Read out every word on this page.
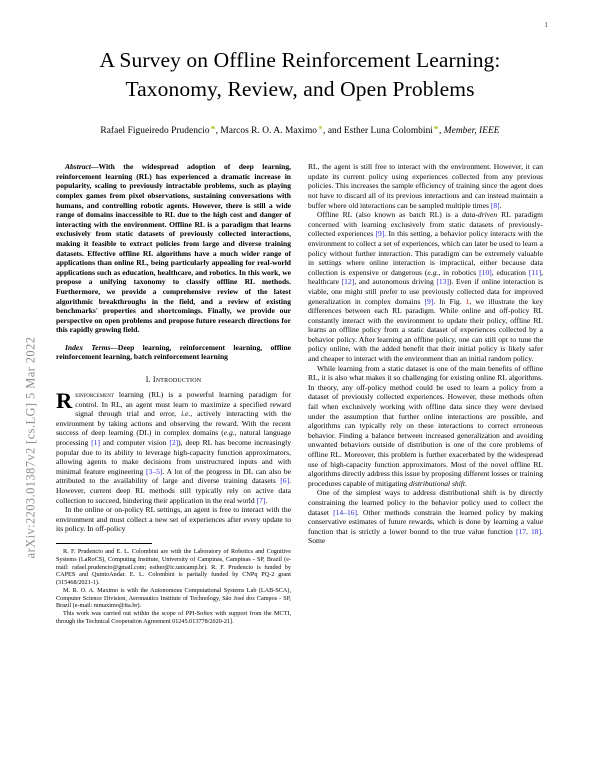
arXiv:2203.01387v2 [cs.LG] 5 Mar 2022
1
A Survey on Offline Reinforcement Learning:
Taxonomy, Review, and Open Problems
Rafael Figueiredo Prudencio , Marcos R. O. A. Maximo , and Esther Luna Colombini , Member, IEEE

Abstract—With the widespread adoption of deep learning, reinforcement learning (RL) has experienced a dramatic increase in popularity, scaling to previously intractable problems, such as playing complex games from pixel observations, sustaining conversations with humans, and controlling robotic agents. However, there is still a wide range of domains inaccessible to RL due to the high cost and danger of interacting with the environment. Offline RL is a paradigm that learns exclusively from static datasets of previously collected interactions, making it feasible to extract policies from large and diverse training datasets. Effective offline RL algorithms have a much wider range of applications than online RL, being particularly appealing for real-world applications such as education, healthcare, and robotics. In this work, we propose a unifying taxonomy to classify offline RL methods. Furthermore, we provide a comprehensive review of the latest algorithmic breakthroughs in the field, and a review of existing benchmarks' properties and shortcomings. Finally, we provide our perspective on open problems and propose future research directions for this rapidly growing field.

Index Terms—Deep learning, reinforcement learning, offline reinforcement learning, batch reinforcement learning

I. Introduction

Reinforcement learning (RL) is a powerful learning paradigm for control. In RL, an agent must learn to maximize a specified reward signal through trial and error, i.e., actively interacting with the environment by taking actions and observing the reward. With the recent success of deep learning (DL) in complex domains (e.g., natural language processing [1] and computer vision [2]), deep RL has become increasingly popular due to its ability to leverage high-capacity function approximators, allowing agents to make decisions from unstructured inputs and with minimal feature engineering [3–5]. A lot of the progress in DL can also be attributed to the availability of large and diverse training datasets [6]. However, current deep RL methods still typically rely on active data collection to succeed, hindering their application in the real world [7].

In the online or on-policy RL settings, an agent is free to interact with the environment and must collect a new set of experiences after every update to its policy. In off-policy

R. F. Prudencio and E. L. Colombini are with the Laboratory of Robotics and Cognitive Systems (LaRoCS), Computing Institute, University of Campinas, Campinas - SP, Brazil (e-mail: rafael.prudencio@gmail.com; esther@ic.unicamp.br). R. F. Prudencio is funded by CAPES and QuintoAndar. E. L. Colombini is partially funded by CNPq PQ-2 grant (315468/2021-1).

M. R. O. A. Maximo is with the Autonomous Computational Systems Lab (LAB-SCA), Computer Science Division, Aeronautics Institute of Technology, São José dos Campos - SP, Brazil (e-mail: mmaximo@ita.br).

This work was carried out within the scope of PPI-Softex with support from the MCTI, through the Technical Cooperation Agreement 01245.013778/2020-21].

RL, the agent is still free to interact with the environment. However, it can update its current policy using experiences collected from any previous policies. This increases the sample efficiency of training since the agent does not have to discard all of its previous interactions and can instead maintain a buffer where old interactions can be sampled multiple times [8].

Offline RL (also known as batch RL) is a data-driven RL paradigm concerned with learning exclusively from static datasets of previously-collected experiences [9]. In this setting, a behavior policy interacts with the environment to collect a set of experiences, which can later be used to learn a policy without further interaction. This paradigm can be extremely valuable in settings where online interaction is impractical, either because data collection is expensive or dangerous (e.g., in robotics [10], education [11], healthcare [12], and autonomous driving [13]). Even if online interaction is viable, one might still prefer to use previously collected data for improved generalization in complex domains [9]. In Fig. 1, we illustrate the key differences between each RL paradigm. While online and off-policy RL constantly interact with the environment to update their policy, offline RL learns an offline policy from a static dataset of experiences collected by a behavior policy. After learning an offline policy, one can still opt to tune the policy online, with the added benefit that their initial policy is likely safer and cheaper to interact with the environment than an initial random policy.

While learning from a static dataset is one of the main benefits of offline RL, it is also what makes it so challenging for existing online RL algorithms. In theory, any off-policy method could be used to learn a policy from a dataset of previously collected experiences. However, these methods often fail when exclusively working with offline data since they were devised under the assumption that further online interactions are possible, and algorithms can typically rely on these interactions to correct erroneous behavior. Finding a balance between increased generalization and avoiding unwanted behaviors outside of distribution is one of the core problems of offline RL. Moreover, this problem is further exacerbated by the widespread use of high-capacity function approximators. Most of the novel offline RL algorithms directly address this issue by proposing different losses or training procedures capable of mitigating distributional shift.

One of the simplest ways to address distributional shift is by directly constraining the learned policy to the behavior policy used to collect the dataset [14–16]. Other methods constrain the learned policy by making conservative estimates of future rewards, which is done by learning a value function that is strictly a lower bound to the true value function [17, 18]. Some
